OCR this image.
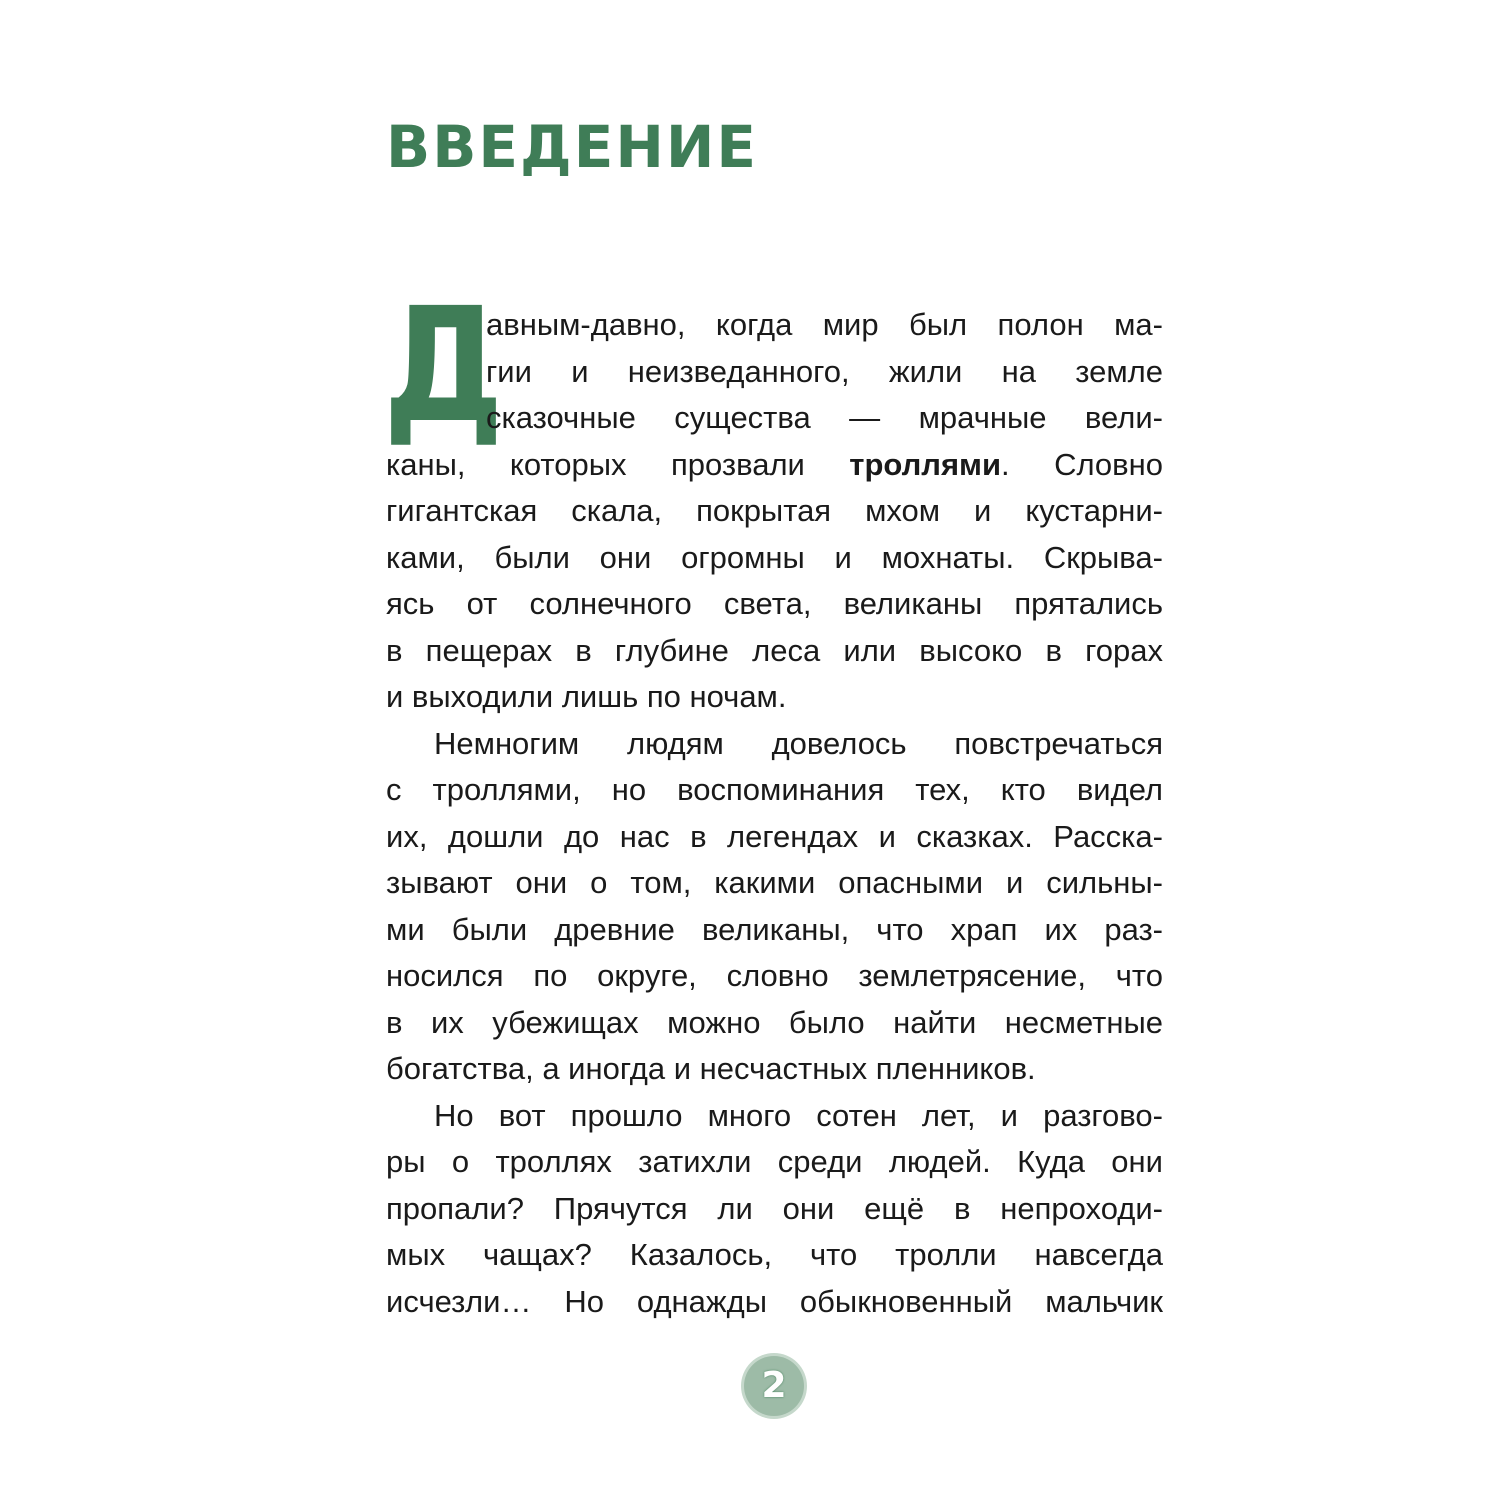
ВВЕДЕНИЕ
Д
авным-давно, когда мир был полон ма-
гии и неизведанного, жили на земле
сказочные существа — мрачные вели-
каны, которых прозвали троллями. Словно
гигантская скала, покрытая мхом и кустарни-
ками, были они огромны и мохнаты. Скрыва-
ясь от солнечного света, великаны прятались
в пещерах в глубине леса или высоко в горах
и выходили лишь по ночам.
Немногим людям довелось повстречаться
с троллями, но воспоминания тех, кто видел
их, дошли до нас в легендах и сказках. Расска-
зывают они о том, какими опасными и сильны-
ми были древние великаны, что храп их раз-
носился по округе, словно землетрясение, что
в их убежищах можно было найти несметные
богатства, а иногда и несчастных пленников.
Но вот прошло много сотен лет, и разгово-
ры о троллях затихли среди людей. Куда они
пропали? Прячутся ли они ещё в непроходи-
мых чащах? Казалось, что тролли навсегда
исчезли… Но однажды обыкновенный мальчик
2
